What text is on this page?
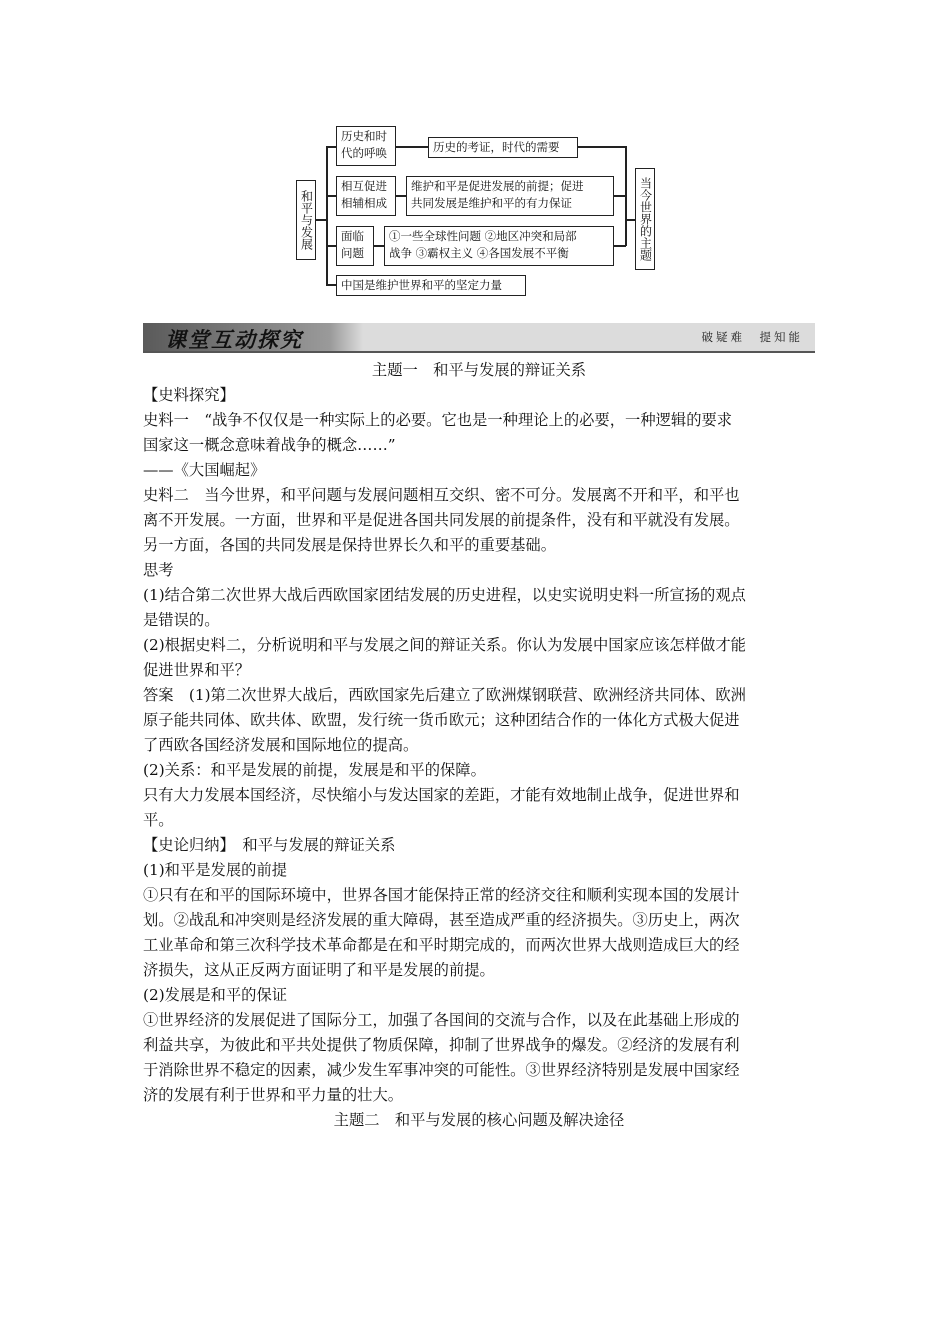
和平与发展
历史和时
代的呼唤	历史的考证，时代的需要
相互促进
相辅相成
维护和平是促进发展的前提；促进
共同发展是维护和平的有力保证
面临
问题
①一些全球性问题 ②地区冲突和局部
战争 ③霸权主义 ④各国发展不平衡
中国是维护世界和平的坚定力量
当今世界的主题
课堂互动探究	破疑难　提知能

主题一　和平与发展的辩证关系

【史料探究】

史料一　“战争不仅仅是一种实际上的必要。它也是一种理论上的必要，一种逻辑的要求

国家这一概念意味着战争的概念……”

——《大国崛起》

史料二　当今世界，和平问题与发展问题相互交织、密不可分。发展离不开和平，和平也

离不开发展。一方面，世界和平是促进各国共同发展的前提条件，没有和平就没有发展。

另一方面，各国的共同发展是保持世界长久和平的重要基础。

思考

(1)结合第二次世界大战后西欧国家团结发展的历史进程，以史实说明史料一所宣扬的观点

是错误的。

(2)根据史料二，分析说明和平与发展之间的辩证关系。你认为发展中国家应该怎样做才能

促进世界和平？

答案　(1)第二次世界大战后，西欧国家先后建立了欧洲煤钢联营、欧洲经济共同体、欧洲

原子能共同体、欧共体、欧盟，发行统一货币欧元；这种团结合作的一体化方式极大促进

了西欧各国经济发展和国际地位的提高。

(2)关系：和平是发展的前提，发展是和平的保障。

只有大力发展本国经济，尽快缩小与发达国家的差距，才能有效地制止战争，促进世界和

平。

【史论归纳】　和平与发展的辩证关系

(1)和平是发展的前提

①只有在和平的国际环境中，世界各国才能保持正常的经济交往和顺利实现本国的发展计

划。②战乱和冲突则是经济发展的重大障碍，甚至造成严重的经济损失。③历史上，两次

工业革命和第三次科学技术革命都是在和平时期完成的，而两次世界大战则造成巨大的经

济损失，这从正反两方面证明了和平是发展的前提。

(2)发展是和平的保证

①世界经济的发展促进了国际分工，加强了各国间的交流与合作，以及在此基础上形成的

利益共享，为彼此和平共处提供了物质保障，抑制了世界战争的爆发。②经济的发展有利

于消除世界不稳定的因素，减少发生军事冲突的可能性。③世界经济特别是发展中国家经

济的发展有利于世界和平力量的壮大。

主题二　和平与发展的核心问题及解决途径
